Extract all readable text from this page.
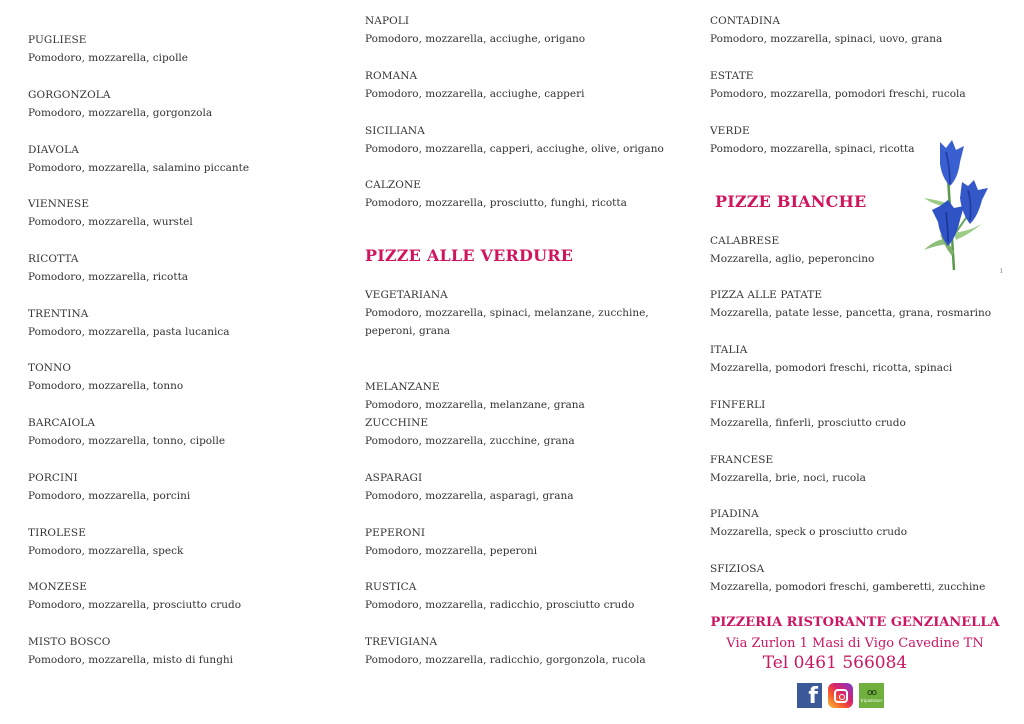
PUGLIESE
Pomodoro, mozzarella, cipolle
GORGONZOLA
Pomodoro, mozzarella, gorgonzola
DIAVOLA
Pomodoro, mozzarella, salamino piccante
VIENNESE
Pomodoro, mozzarella, wurstel
RICOTTA
Pomodoro, mozzarella, ricotta
TRENTINA
Pomodoro, mozzarella, pasta lucanica
TONNO
Pomodoro, mozzarella, tonno
BARCAIOLA
Pomodoro, mozzarella, tonno, cipolle
PORCINI
Pomodoro, mozzarella, porcini
TIROLESE
Pomodoro, mozzarella, speck
MONZESE
Pomodoro, mozzarella, prosciutto crudo
MISTO BOSCO
Pomodoro, mozzarella, misto di funghi
NAPOLI
Pomodoro, mozzarella, acciughe, origano
ROMANA
Pomodoro, mozzarella, acciughe, capperi
SICILIANA
Pomodoro, mozzarella, capperi, acciughe, olive, origano
CALZONE
Pomodoro, mozzarella, prosciutto, funghi, ricotta
PIZZE ALLE VERDURE
VEGETARIANA
Pomodoro, mozzarella, spinaci, melanzane, zucchine,
peperoni, grana
MELANZANE
Pomodoro, mozzarella, melanzane, grana
ZUCCHINE
Pomodoro, mozzarella, zucchine, grana
ASPARAGI
Pomodoro, mozzarella, asparagi, grana
PEPERONI
Pomodoro, mozzarella, peperoni
RUSTICA
Pomodoro, mozzarella, radicchio, prosciutto crudo
TREVIGIANA
Pomodoro, mozzarella, radicchio, gorgonzola, rucola
CONTADINA
Pomodoro, mozzarella, spinaci, uovo, grana
ESTATE
Pomodoro, mozzarella, pomodori freschi, rucola
VERDE
Pomodoro, mozzarella, spinaci, ricotta
PIZZE BIANCHE
CALABRESE
Mozzarella, aglio, peperoncino
PIZZA ALLE PATATE
Mozzarella, patate lesse, pancetta, grana, rosmarino
ITALIA
Mozzarella, pomodori freschi, ricotta, spinaci
FINFERLI
Mozzarella, finferli, prosciutto crudo
FRANCESE
Mozzarella, brie, noci, rucola
PIADINA
Mozzarella, speck o prosciutto crudo
SFIZIOSA
Mozzarella, pomodori freschi, gamberetti, zucchine
ı
PIZZERIA RISTORANTE GENZIANELLA
Via Zurlon 1 Masi di Vigo Cavedine TN
Tel 0461 566084
f	oo
tripadvisor
